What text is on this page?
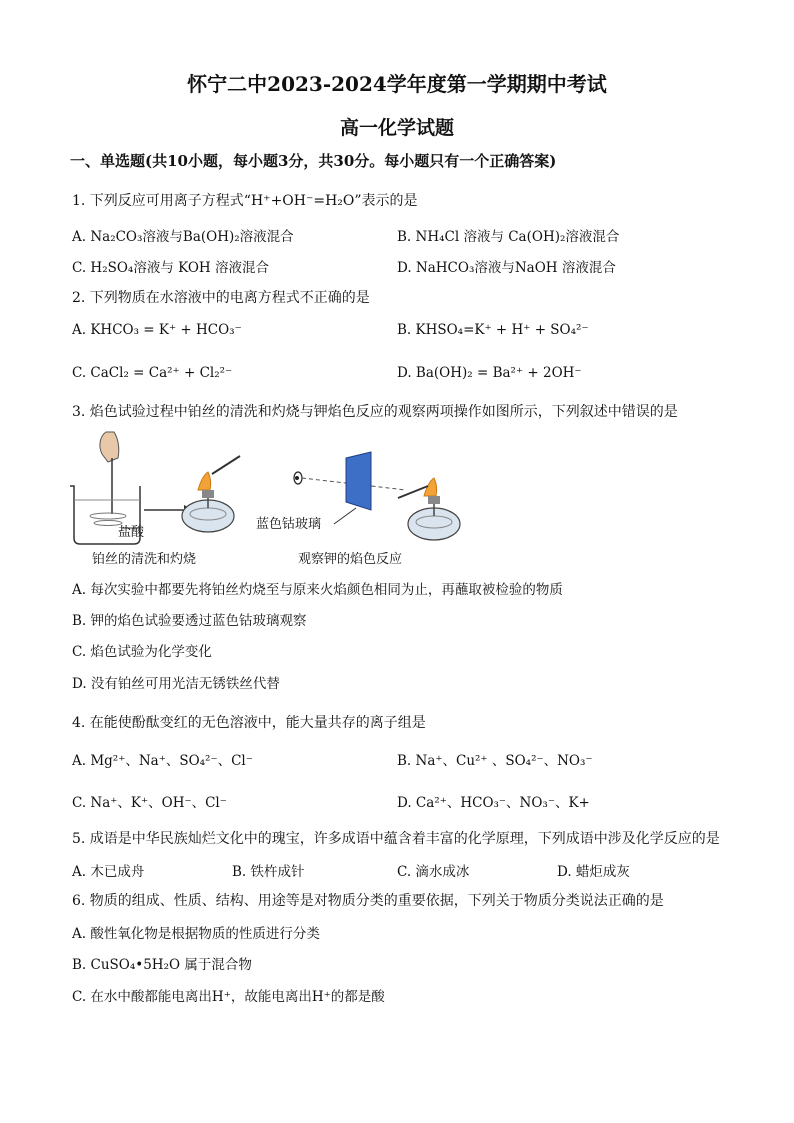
怀宁二中2023-2024学年度第一学期期中考试
高一化学试题
一、单选题(共10小题，每小题3分，共30分。每小题只有一个正确答案)
1. 下列反应可用离子方程式“H⁺+OH⁻=H₂O”表示的是
A. Na₂CO₃溶液与Ba(OH)₂溶液混合	B. NH₄Cl 溶液与 Ca(OH)₂溶液混合
C. H₂SO₄溶液与 KOH 溶液混合	D. NaHCO₃溶液与NaOH 溶液混合
2. 下列物质在水溶液中的电离方程式不正确的是
A. KHCO₃ = K⁺ + HCO₃⁻	B. KHSO₄=K⁺ + H⁺ + SO₄²⁻
C. CaCl₂ = Ca²⁺ + Cl₂²⁻	D. Ba(OH)₂ = Ba²⁺ + 2OH⁻
3. 焰色试验过程中铂丝的清洗和灼烧与钾焰色反应的观察两项操作如图所示，下列叙述中错误的是
盐酸
蓝色钴玻璃
铂丝的清洗和灼烧	观察钾的焰色反应
A. 每次实验中都要先将铂丝灼烧至与原来火焰颜色相同为止，再蘸取被检验的物质
B. 钾的焰色试验要透过蓝色钴玻璃观察
C. 焰色试验为化学变化
D. 没有铂丝可用光洁无锈铁丝代替
4. 在能使酚酞变红的无色溶液中，能大量共存的离子组是
A. Mg²⁺、Na⁺、SO₄²⁻、Cl⁻	B. Na⁺、Cu²⁺ 、SO₄²⁻、NO₃⁻
C. Na⁺、K⁺、OH⁻、Cl⁻	D. Ca²⁺、HCO₃⁻、NO₃⁻、K+
5. 成语是中华民族灿烂文化中的瑰宝，许多成语中蕴含着丰富的化学原理，下列成语中涉及化学反应的是
A. 木已成舟	B. 铁杵成针	C. 滴水成冰	D. 蜡炬成灰
6. 物质的组成、性质、结构、用途等是对物质分类的重要依据，下列关于物质分类说法正确的是
A. 酸性氧化物是根据物质的性质进行分类
B. CuSO₄•5H₂O 属于混合物
C. 在水中酸都能电离出H⁺，故能电离出H⁺的都是酸
